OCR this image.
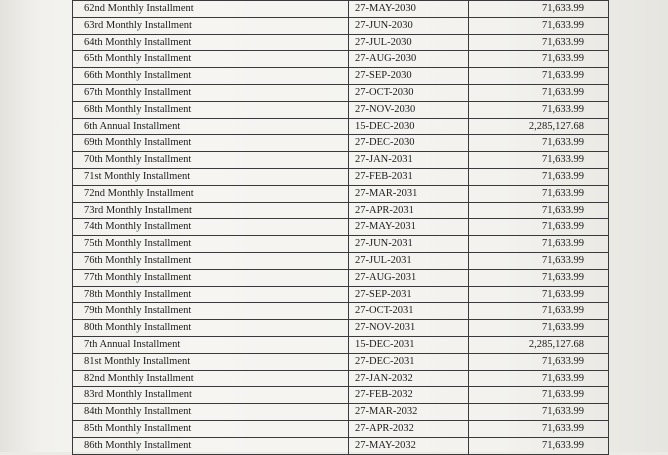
62nd Monthly Installment	27-MAY-2030	71,633.99
63rd Monthly Installment	27-JUN-2030	71,633.99
64th Monthly Installment	27-JUL-2030	71,633.99
65th Monthly Installment	27-AUG-2030	71,633.99
66th Monthly Installment	27-SEP-2030	71,633.99
67th Monthly Installment	27-OCT-2030	71,633.99
68th Monthly Installment	27-NOV-2030	71,633.99
6th Annual Installment	15-DEC-2030	2,285,127.68
69th Monthly Installment	27-DEC-2030	71,633.99
70th Monthly Installment	27-JAN-2031	71,633.99
71st Monthly Installment	27-FEB-2031	71,633.99
72nd Monthly Installment	27-MAR-2031	71,633.99
73rd Monthly Installment	27-APR-2031	71,633.99
74th Monthly Installment	27-MAY-2031	71,633.99
75th Monthly Installment	27-JUN-2031	71,633.99
76th Monthly Installment	27-JUL-2031	71,633.99
77th Monthly Installment	27-AUG-2031	71,633.99
78th Monthly Installment	27-SEP-2031	71,633.99
79th Monthly Installment	27-OCT-2031	71,633.99
80th Monthly Installment	27-NOV-2031	71,633.99
7th Annual Installment	15-DEC-2031	2,285,127.68
81st Monthly Installment	27-DEC-2031	71,633.99
82nd Monthly Installment	27-JAN-2032	71,633.99
83rd Monthly Installment	27-FEB-2032	71,633.99
84th Monthly Installment	27-MAR-2032	71,633.99
85th Monthly Installment	27-APR-2032	71,633.99
86th Monthly Installment	27-MAY-2032	71,633.99
